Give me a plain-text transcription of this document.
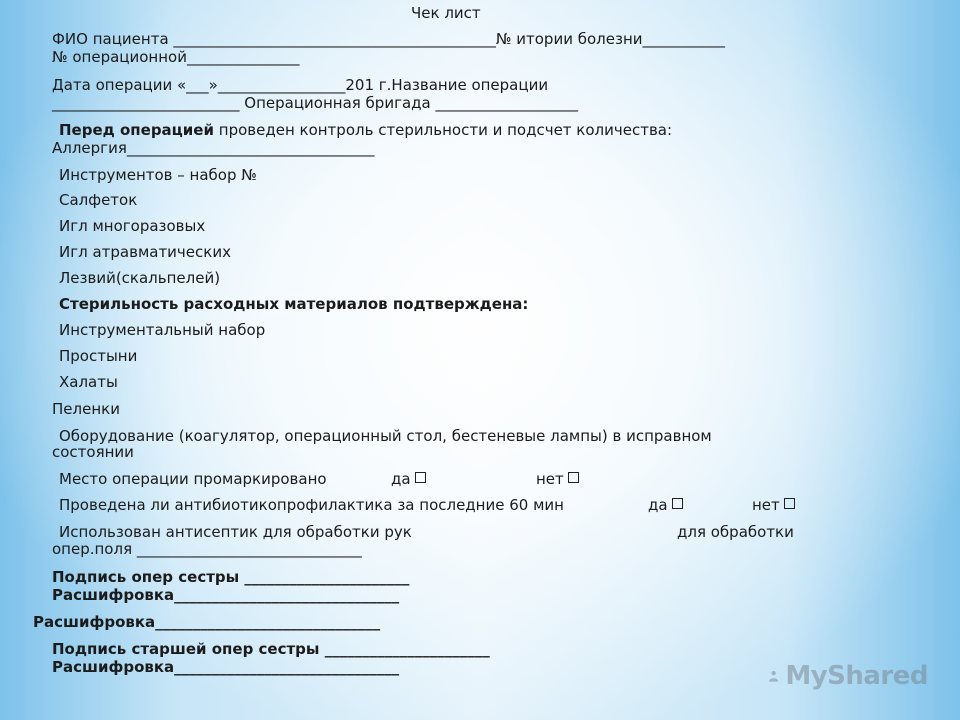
Чек лист
ФИО пациента ___________________________________________№ итории болезни___________
№ операционной_______________
Дата операции «___»_________________201 г.Название операции
_________________________ Операционная бригада ___________________
Перед операцией проведен контроль стерильности и подсчет количества:
Аллергия_________________________________
Инструментов – набор №
Салфеток
Игл многоразовых
Игл атравматических
Лезвий(скальпелей)
Стерильность расходных материалов подтверждена:
Инструментальный набор
Простыни
Халаты
Пеленки
Оборудование (коагулятор, операционный стол, бестеневые лампы) в исправном
состоянии
Место операции промаркировано	да	нет
Проведена ли антибиотикопрофилактика за последние 60 мин	да	нет
Использован антисептик для обработки рук	для обработки
опер.поля ______________________________
Подпись опер сестры ______________________
Расшифровка______________________________
Расшифровка______________________________
Подпись старшей опер сестры ______________________
Расшифровка______________________________	MyShared
